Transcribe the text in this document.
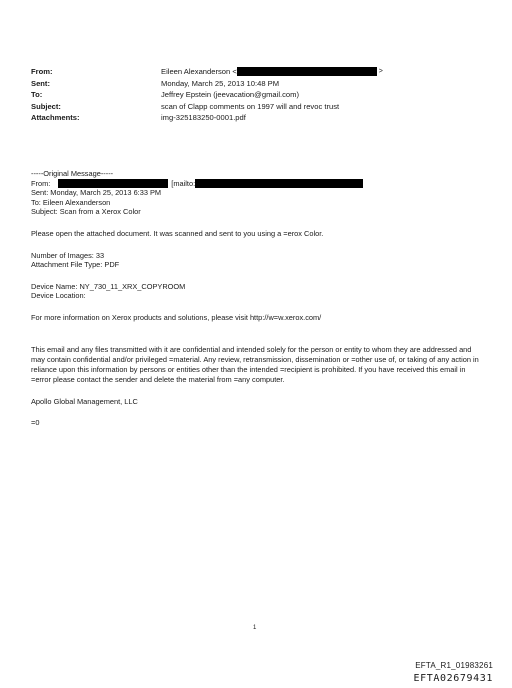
From:	Eileen Alexanderson <	>
Sent:	Monday, March 25, 2013 10:48 PM
To:	Jeffrey Epstein (jeevacation@gmail.com)
Subject:	scan of Clapp comments on 1997 will and revoc trust
Attachments:	img-325183250-0001.pdf
-----Original Message-----
From:	[mailto:
Sent: Monday, March 25, 2013 6:33 PM
To: Eileen Alexanderson
Subject: Scan from a Xerox Color
Please open the attached document. It was scanned and sent to you using a =erox Color.
Number of Images: 33
Attachment File Type: PDF
Device Name: NY_730_11_XRX_COPYROOM
Device Location:
For more information on Xerox products and solutions, please visit http://w=w.xerox.com/
This email and any files transmitted with it are confidential and intended solely for the person or entity to whom they are addressed and may contain confidential and/or privileged =material. Any review, retransmission, dissemination or =other use of, or taking of any action in reliance upon this information by persons or entities other than the intended =recipient is prohibited. If you have received this email in =error please contact the sender and delete the material from =any computer.
Apollo Global Management, LLC
=0
1
EFTA_R1_01983261
EFTA02679431
